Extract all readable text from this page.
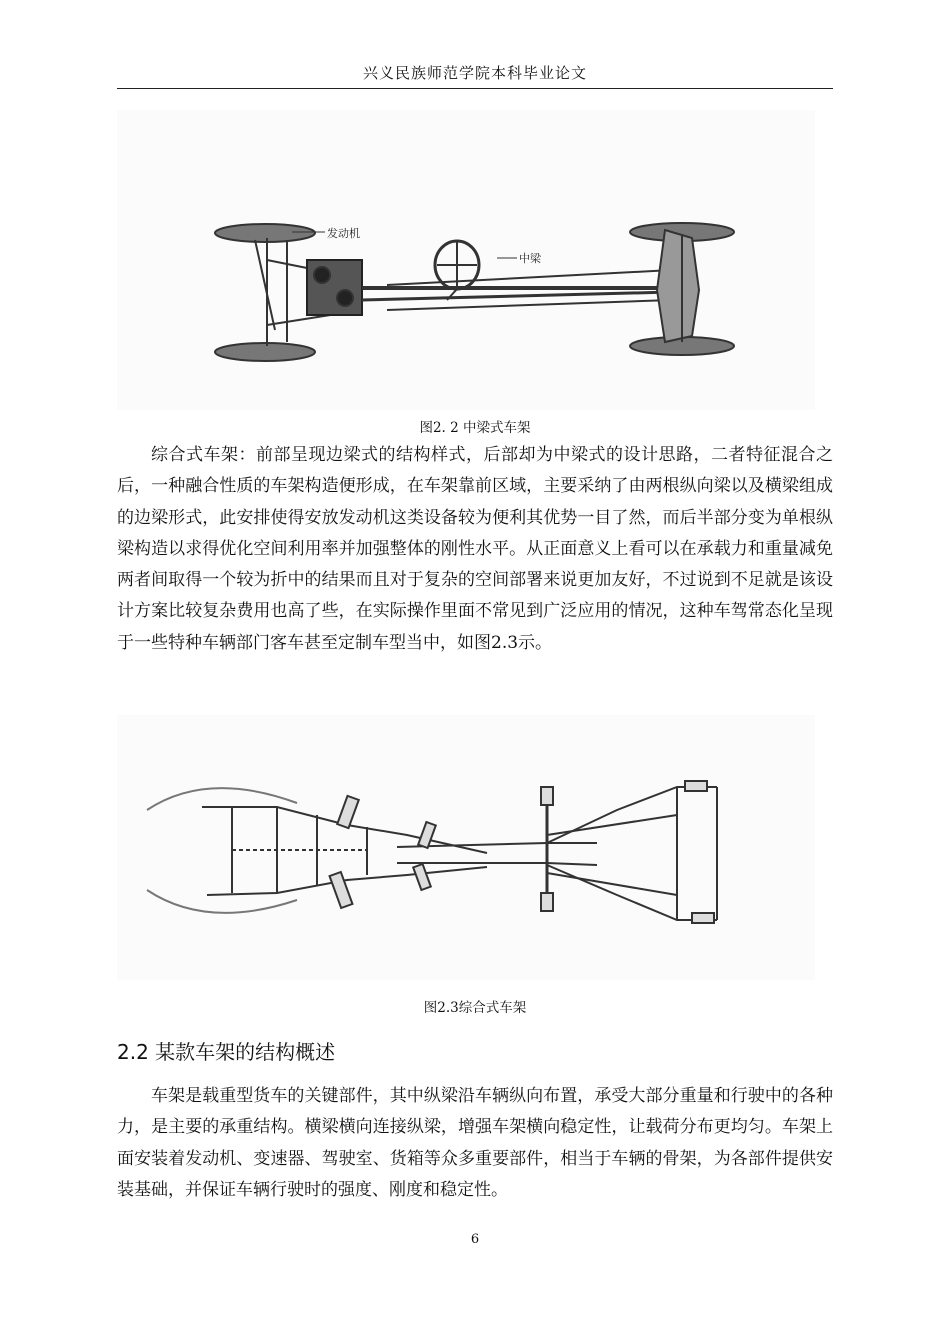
兴义民族师范学院本科毕业论文
发动机
中梁
图2. 2 中梁式车架

综合式车架：前部呈现边梁式的结构样式，后部却为中梁式的设计思路，二者特征混合之后，一种融合性质的车架构造便形成，在车架靠前区域，主要采纳了由两根纵向梁以及横梁组成的边梁形式，此安排使得安放发动机这类设备较为便利其优势一目了然，而后半部分变为单根纵梁构造以求得优化空间利用率并加强整体的刚性水平。从正面意义上看可以在承载力和重量减免两者间取得一个较为折中的结果而且对于复杂的空间部署来说更加友好，不过说到不足就是该设计方案比较复杂费用也高了些，在实际操作里面不常见到广泛应用的情况，这种车驾常态化呈现于一些特种车辆部门客车甚至定制车型当中，如图2.3示。

图2.3综合式车架
2.2 某款车架的结构概述

车架是载重型货车的关键部件，其中纵梁沿车辆纵向布置，承受大部分重量和行驶中的各种力，是主要的承重结构。横梁横向连接纵梁，增强车架横向稳定性，让载荷分布更均匀。车架上面安装着发动机、变速器、驾驶室、货箱等众多重要部件，相当于车辆的骨架，为各部件提供安装基础，并保证车辆行驶时的强度、刚度和稳定性。

6
